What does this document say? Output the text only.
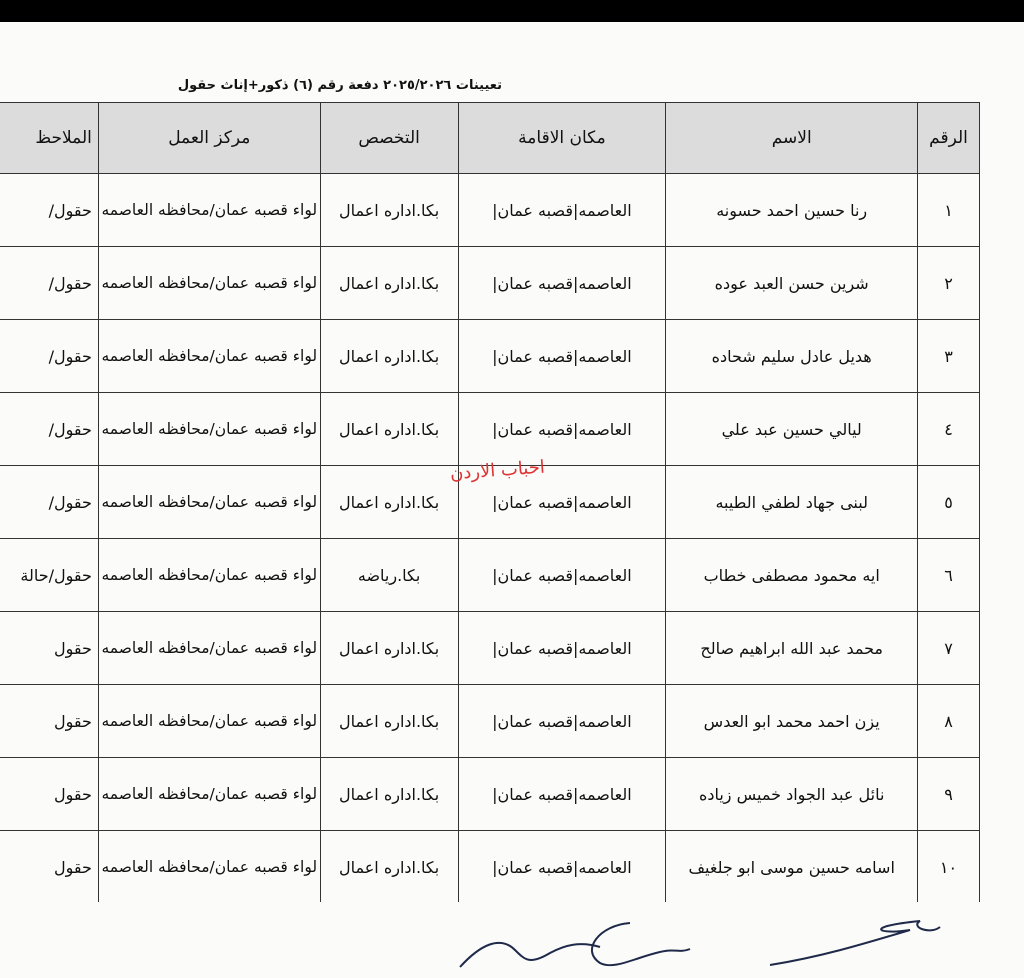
تعيينات ٢٠٢٥/٢٠٢٦ دفعة رقم (٦) ذكور+إناث حقول
الرقم	الاسم	مكان الاقامة	التخصص	مركز العمل	الملاحظ
١	رنا حسين احمد حسونه	العاصمه|قصبه عمان|	بكا.اداره اعمال	لواء قصبه عمان/محافظه العاصمه	حقول/
٢	شرين حسن العبد عوده	العاصمه|قصبه عمان|	بكا.اداره اعمال	لواء قصبه عمان/محافظه العاصمه	حقول/
٣	هديل عادل سليم شحاده	العاصمه|قصبه عمان|	بكا.اداره اعمال	لواء قصبه عمان/محافظه العاصمه	حقول/
٤	ليالي حسين عبد علي	العاصمه|قصبه عمان|	بكا.اداره اعمال	لواء قصبه عمان/محافظه العاصمه	حقول/
٥	لبنى جهاد لطفي الطيبه	العاصمه|قصبه عمان|	بكا.اداره اعمال	لواء قصبه عمان/محافظه العاصمه	حقول/
٦	ايه محمود مصطفى خطاب	العاصمه|قصبه عمان|	بكا.رياضه	لواء قصبه عمان/محافظه العاصمه	حقول/حالة
٧	محمد عبد الله ابراهيم صالح	العاصمه|قصبه عمان|	بكا.اداره اعمال	لواء قصبه عمان/محافظه العاصمه	حقول
٨	يزن احمد محمد ابو العدس	العاصمه|قصبه عمان|	بكا.اداره اعمال	لواء قصبه عمان/محافظه العاصمه	حقول
٩	نائل عبد الجواد خميس زياده	العاصمه|قصبه عمان|	بكا.اداره اعمال	لواء قصبه عمان/محافظه العاصمه	حقول
١٠	اسامه حسين موسى ابو جلغيف	العاصمه|قصبه عمان|	بكا.اداره اعمال	لواء قصبه عمان/محافظه العاصمه	حقول
احباب الاردن
